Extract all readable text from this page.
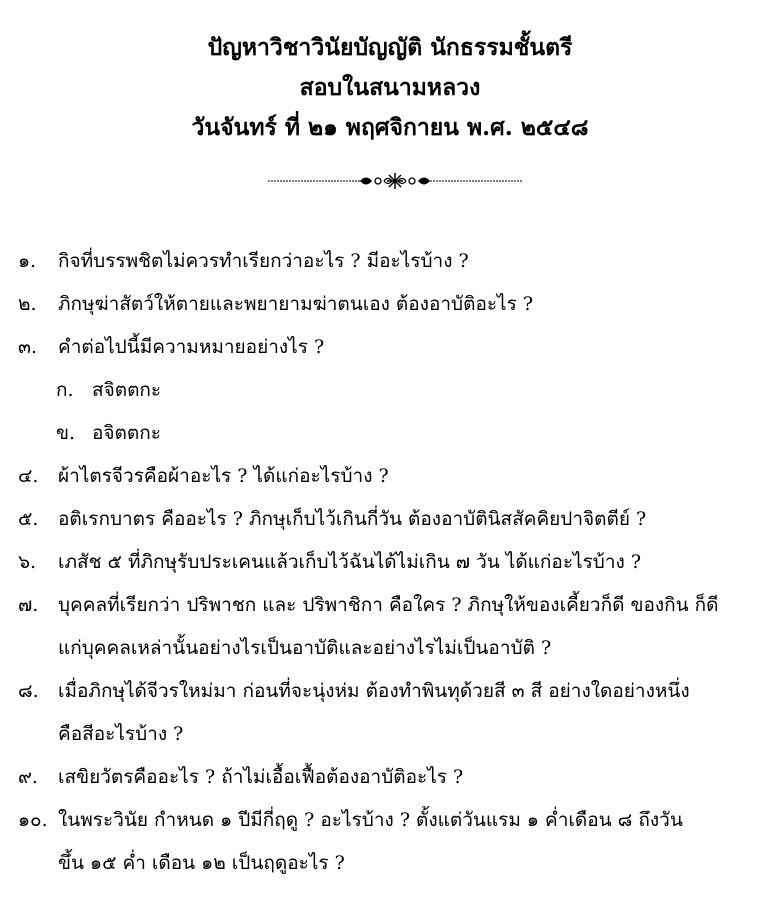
ปัญหาวิชาวินัยบัญญัติ นักธรรมชั้นตรี
สอบในสนามหลวง
วันจันทร์ ที่ ๒๑ พฤศจิกายน พ.ศ. ๒๕๔๘
๑.	กิจที่บรรพชิตไม่ควรทำเรียกว่าอะไร ? มีอะไรบ้าง ?
๒.	ภิกษุฆ่าสัตว์ให้ตายและพยายามฆ่าตนเอง ต้องอาบัติอะไร ?
๓.	คำต่อไปนี้มีความหมายอย่างไร ?
ก. สจิตตกะ
ข. อจิตตกะ
๔.	ผ้าไตรจีวรคือผ้าอะไร ? ได้แก่อะไรบ้าง ?
๕.	อติเรกบาตร คืออะไร ? ภิกษุเก็บไว้เกินกี่วัน ต้องอาบัตินิสสัคคิยปาจิตตีย์ ?
๖.	เภสัช ๕ ที่ภิกษุรับประเคนแล้วเก็บไว้ฉันได้ไม่เกิน ๗ วัน ได้แก่อะไรบ้าง ?
๗.	บุคคลที่เรียกว่า ปริพาชก และ ปริพาชิกา คือใคร ? ภิกษุให้ของเคี้ยวก็ดี ของกิน ก็ดี
แก่บุคคลเหล่านั้นอย่างไรเป็นอาบัติและอย่างไรไม่เป็นอาบัติ ?
๘.	เมื่อภิกษุได้จีวรใหม่มา ก่อนที่จะนุ่งห่ม ต้องทำพินทุด้วยสี ๓ สี อย่างใดอย่างหนึ่ง
คือสีอะไรบ้าง ?
๙.	เสขิยวัตรคืออะไร ? ถ้าไม่เอื้อเฟื้อต้องอาบัติอะไร ?
๑๐. ในพระวินัย กำหนด ๑ ปีมีกี่ฤดู ? อะไรบ้าง ? ตั้งแต่วันแรม ๑ ค่ำเดือน ๘ ถึงวัน
ขึ้น ๑๕ ค่ำ เดือน ๑๒ เป็นฤดูอะไร ?
